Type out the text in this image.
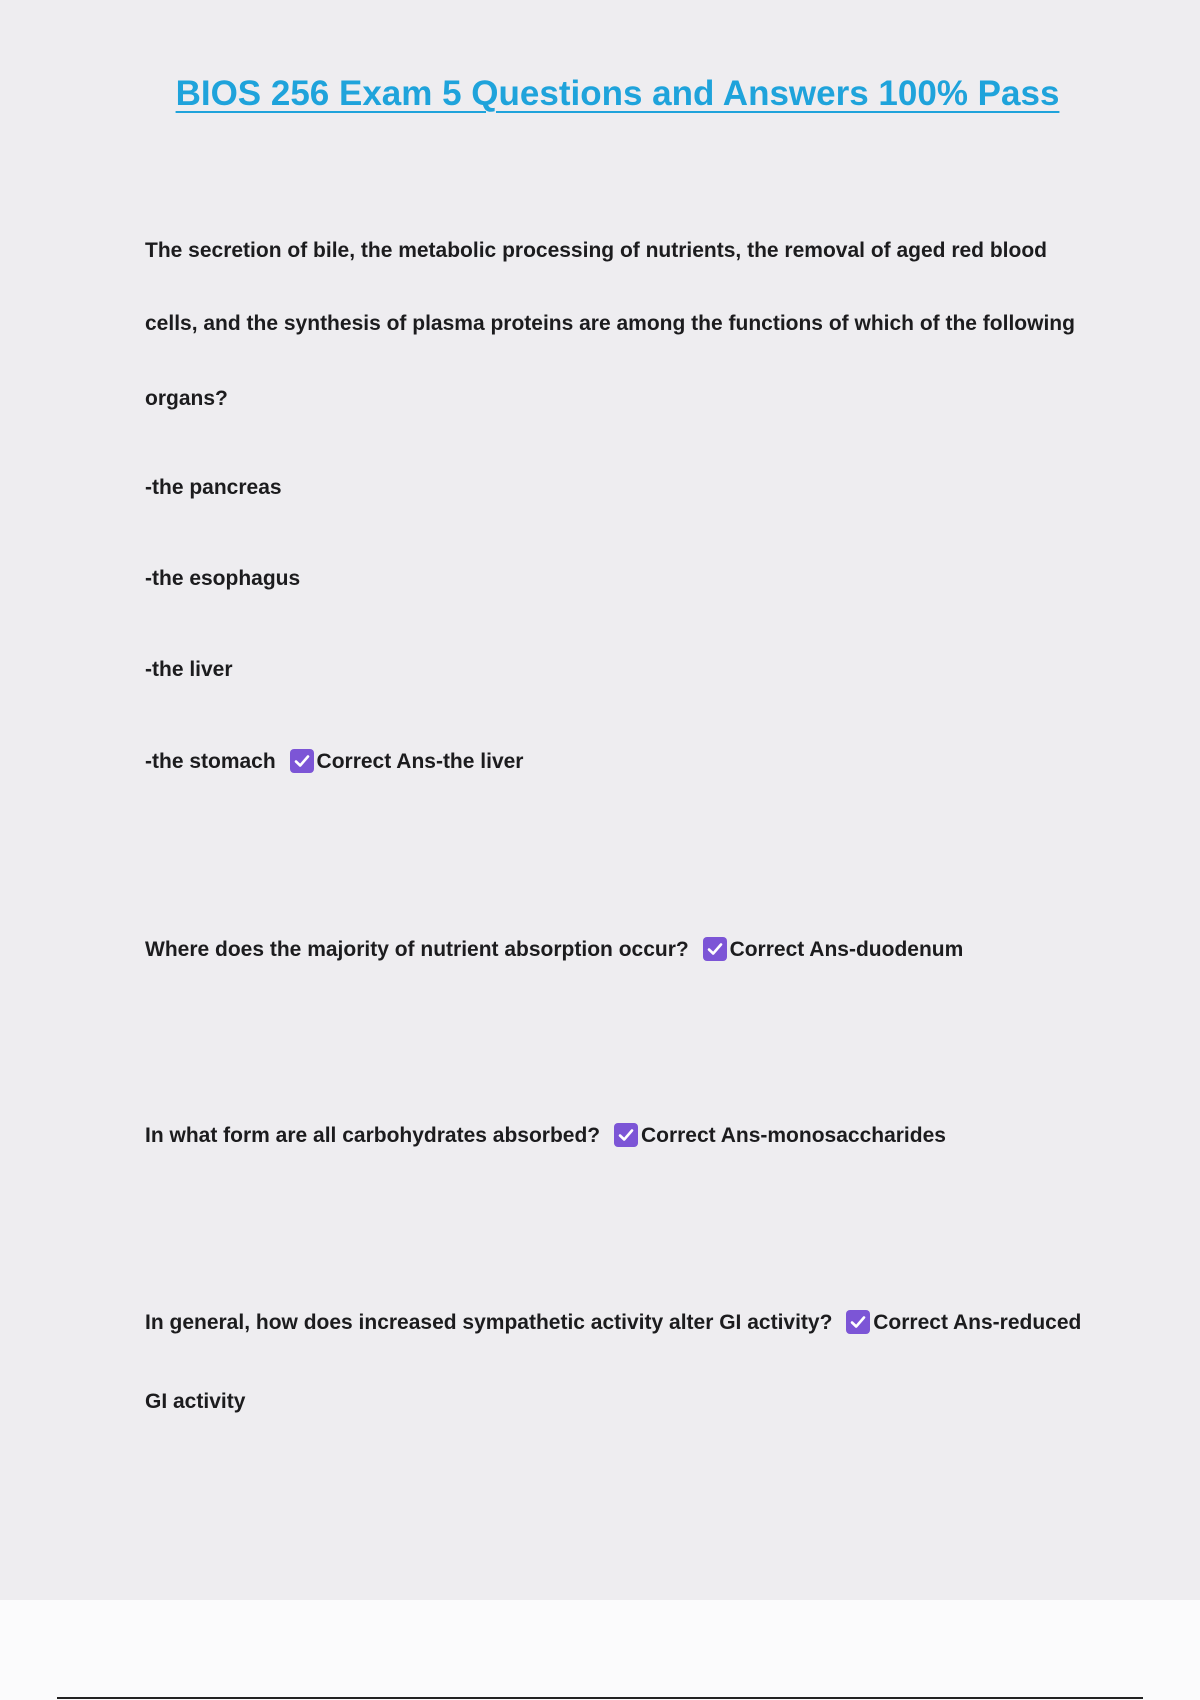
BIOS 256 Exam 5 Questions and Answers 100% Pass

The secretion of bile, the metabolic processing of nutrients, the removal of aged red blood

cells, and the synthesis of plasma proteins are among the functions of which of the following

organs?

-the pancreas

-the esophagus

-the liver

-the stomach Correct Ans-the liver

Where does the majority of nutrient absorption occur? Correct Ans-duodenum

In what form are all carbohydrates absorbed? Correct Ans-monosaccharides

In general, how does increased sympathetic activity alter GI activity? Correct Ans-reduced

GI activity
